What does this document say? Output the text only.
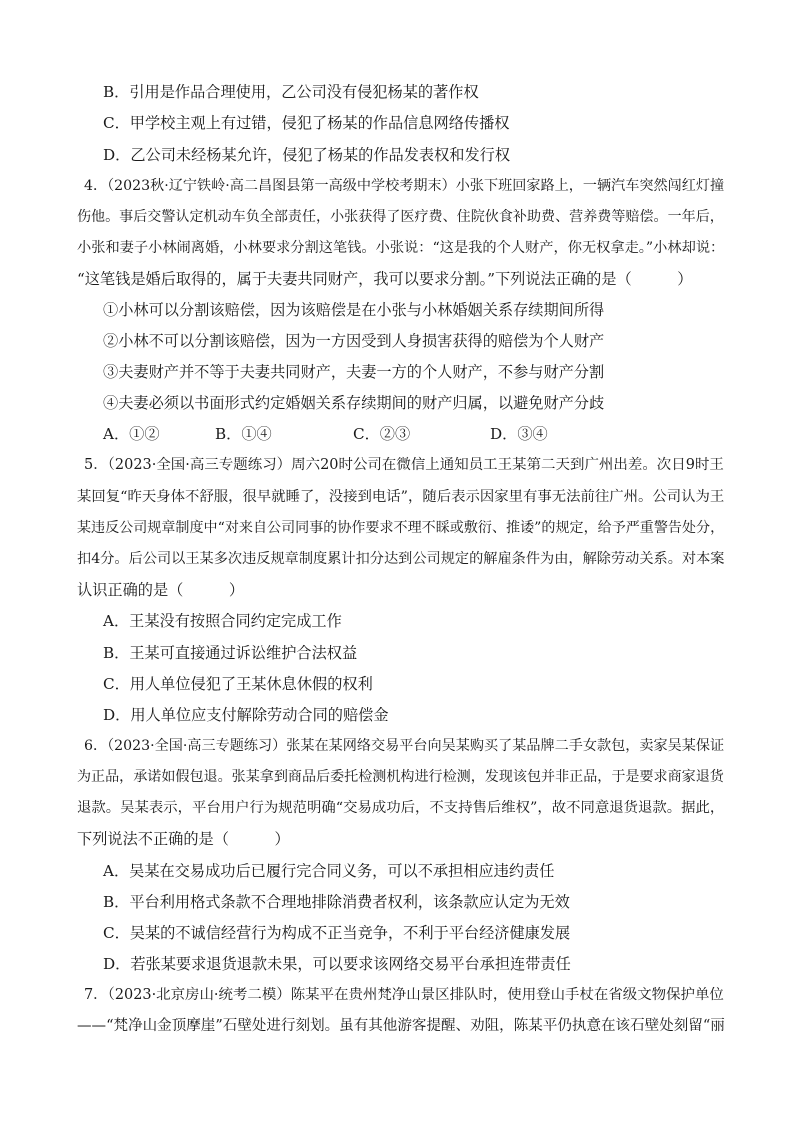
B．引用是作品合理使用，乙公司没有侵犯杨某的著作权
C．甲学校主观上有过错，侵犯了杨某的作品信息网络传播权
D．乙公司未经杨某允许，侵犯了杨某的作品发表权和发行权
4．（2023秋·辽宁铁岭·高二昌图县第一高级中学校考期末）小张下班回家路上，一辆汽车突然闯红灯撞
伤他。事后交警认定机动车负全部责任，小张获得了医疗费、住院伙食补助费、营养费等赔偿。一年后，
小张和妻子小林闹离婚，小林要求分割这笔钱。小张说：“这是我的个人财产，你无权拿走。”小林却说：
“这笔钱是婚后取得的，属于夫妻共同财产，我可以要求分割。”下列说法正确的是（　　　）
①小林可以分割该赔偿，因为该赔偿是在小张与小林婚姻关系存续期间所得
②小林不可以分割该赔偿，因为一方因受到人身损害获得的赔偿为个人财产
③夫妻财产并不等于夫妻共同财产，夫妻一方的个人财产，不参与财产分割
④夫妻必须以书面形式约定婚姻关系存续期间的财产归属，以避免财产分歧
A．①②	B．①④	C．②③	D．③④
5．（2023·全国·高三专题练习）周六20时公司在微信上通知员工王某第二天到广州出差。次日9时王
某回复“昨天身体不舒服，很早就睡了，没接到电话”，随后表示因家里有事无法前往广州。公司认为王
某违反公司规章制度中“对来自公司同事的协作要求不理不睬或敷衍、推诿”的规定，给予严重警告处分，
扣4分。后公司以王某多次违反规章制度累计扣分达到公司规定的解雇条件为由，解除劳动关系。对本案
认识正确的是（　　　）
A．王某没有按照合同约定完成工作
B．王某可直接通过诉讼维护合法权益
C．用人单位侵犯了王某休息休假的权利
D．用人单位应支付解除劳动合同的赔偿金
6．（2023·全国·高三专题练习）张某在某网络交易平台向吴某购买了某品牌二手女款包，卖家吴某保证
为正品，承诺如假包退。张某拿到商品后委托检测机构进行检测，发现该包并非正品，于是要求商家退货
退款。吴某表示，平台用户行为规范明确“交易成功后，不支持售后维权”，故不同意退货退款。据此，
下列说法不正确的是（　　　）
A．吴某在交易成功后已履行完合同义务，可以不承担相应违约责任
B．平台利用格式条款不合理地排除消费者权利，该条款应认定为无效
C．吴某的不诚信经营行为构成不正当竞争，不利于平台经济健康发展
D．若张某要求退货退款未果，可以要求该网络交易平台承担连带责任
7．（2023·北京房山·统考二模）陈某平在贵州梵净山景区排队时，使用登山手杖在省级文物保护单位
——“梵净山金顶摩崖”石壁处进行刻划。虽有其他游客提醒、劝阻，陈某平仍执意在该石壁处刻留“丽
